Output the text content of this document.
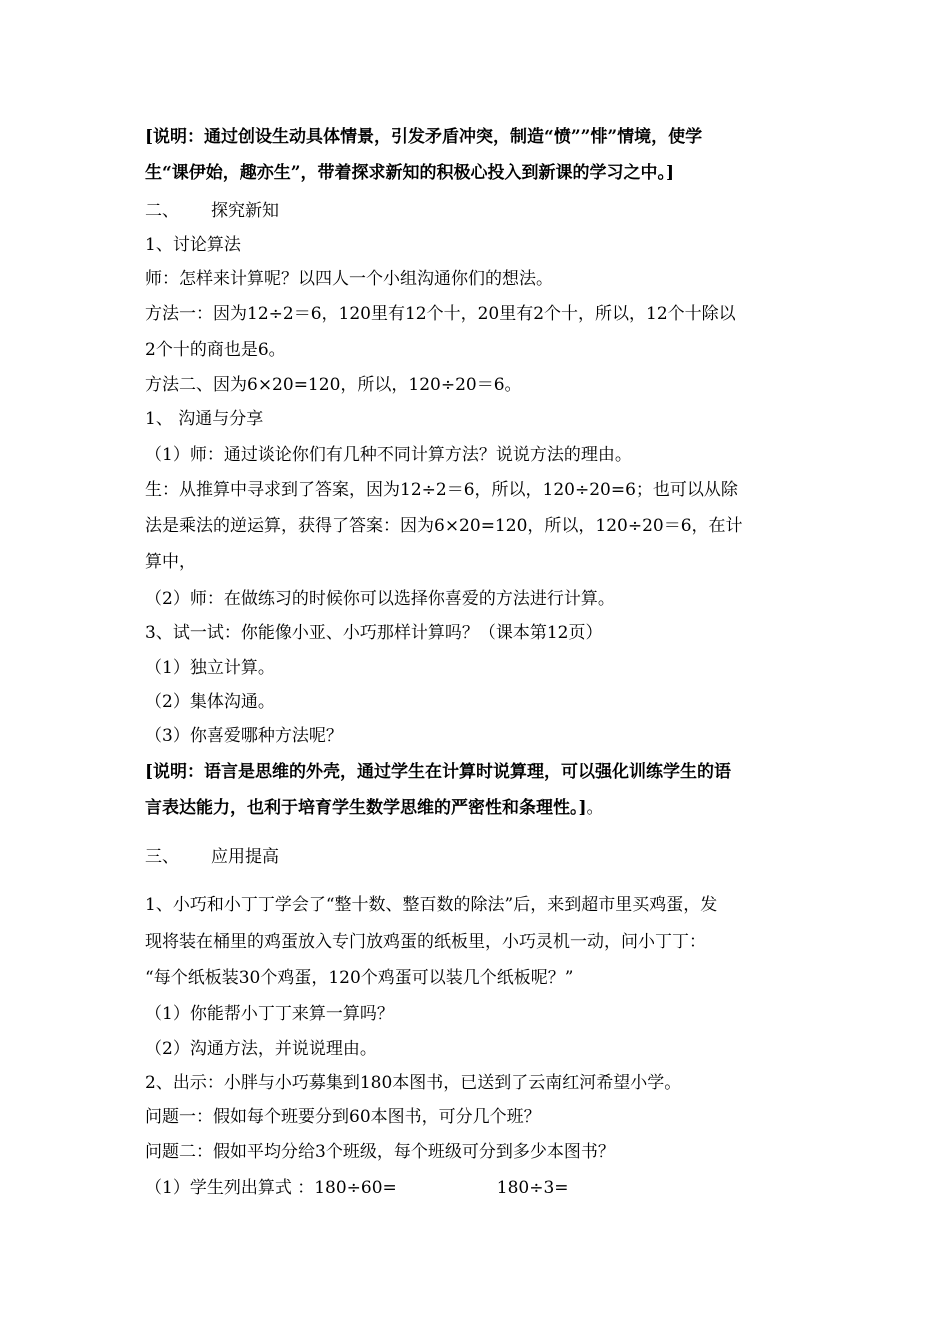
[说明：通过创设生动具体情景，引发矛盾冲突，制造“愤””悱”情境，使学
生“课伊始，趣亦生”，带着探求新知的积极心投入到新课的学习之中。]
二、 探究新知
1、讨论算法
师：怎样来计算呢？以四人一个小组沟通你们的想法。
方法一：因为12÷2＝6，120里有12个十，20里有2个十，所以，12个十除以
2个十的商也是6。
方法二、因为6×20=120，所以，120÷20＝6。
1、 沟通与分享
（1）师：通过谈论你们有几种不同计算方法？说说方法的理由。
生：从推算中寻求到了答案，因为12÷2＝6，所以，120÷20=6；也可以从除
法是乘法的逆运算，获得了答案：因为6×20=120，所以，120÷20＝6，在计
算中，
（2）师：在做练习的时候你可以选择你喜爱的方法进行计算。
3、试一试：你能像小亚、小巧那样计算吗？（课本第12页）
（1）独立计算。
（2）集体沟通。
（3）你喜爱哪种方法呢？
[说明：语言是思维的外壳，通过学生在计算时说算理，可以强化训练学生的语
言表达能力，也利于培育学生数学思维的严密性和条理性。]。
三、 应用提高
1、小巧和小丁丁学会了“整十数、整百数的除法”后，来到超市里买鸡蛋，发
现将装在桶里的鸡蛋放入专门放鸡蛋的纸板里，小巧灵机一动，问小丁丁：
“每个纸板装30个鸡蛋，120个鸡蛋可以装几个纸板呢？”
（1）你能帮小丁丁来算一算吗？
（2）沟通方法，并说说理由。
2、出示：小胖与小巧募集到180本图书，已送到了云南红河希望小学。
问题一：假如每个班要分到60本图书，可分几个班？
问题二：假如平均分给3个班级，每个班级可分到多少本图书？
（1）学生列出算式 ：180÷60=	180÷3=
